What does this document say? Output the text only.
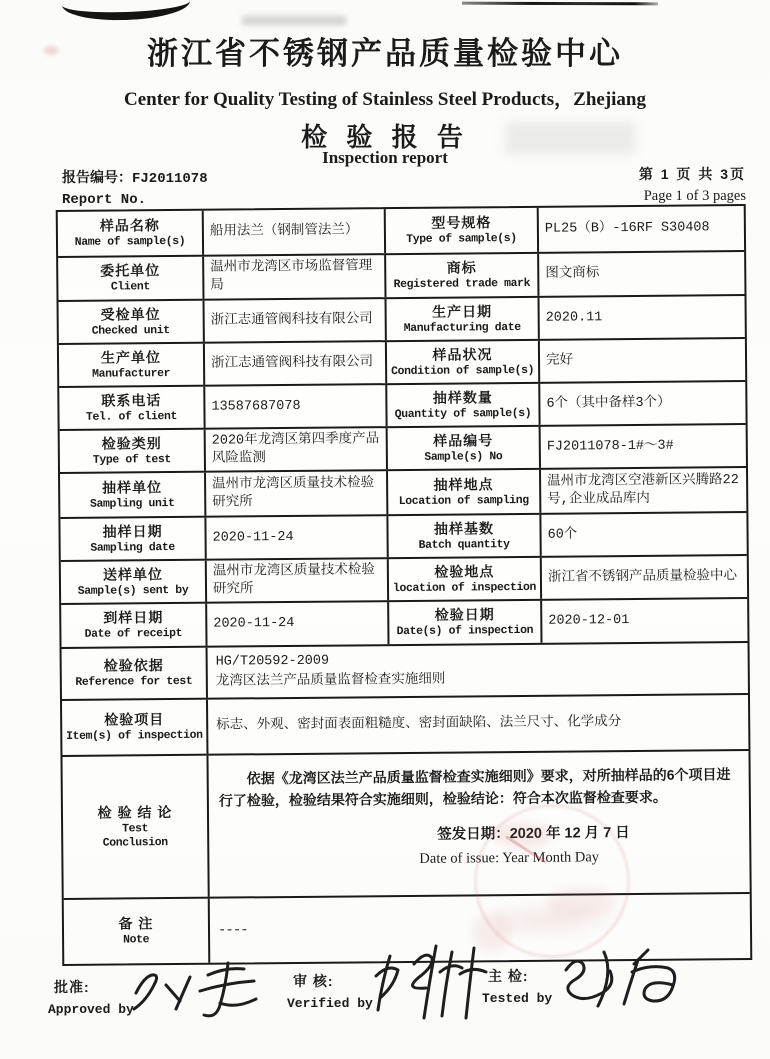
浙江省不锈钢产品质量检验中心
Center for Quality Testing of Stainless Steel Products，Zhejiang
检 验 报 告
Inspection report
报告编号：FJ2011078
Report No.
第 1 页 共 3页
Page 1 of 3 pages
样品名称
Name of sample(s)
船用法兰（钢制管法兰）
型号规格
Type of sample(s)
PL25（B）-16RF S30408
委托单位
Client
温州市龙湾区市场监督管理局
商标
Registered trade mark
图文商标
受检单位
Checked unit
浙江志通管阀科技有限公司
生产日期
Manufacturing date
2020.11
生产单位
Manufacturer
浙江志通管阀科技有限公司
样品状况
Condition of sample(s)
完好
联系电话
Tel. of client
13587687078
抽样数量
Quantity of sample(s)
6个（其中备样3个）
检验类别
Type of test
2020年龙湾区第四季度产品风险监测
样品编号
Sample(s) No
FJ2011078-1#～3#
抽样单位
Sampling unit
温州市龙湾区质量技术检验研究所
抽样地点
Location of sampling
温州市龙湾区空港新区兴腾路22号,企业成品库内
抽样日期
Sampling date
2020-11-24
抽样基数
Batch quantity
60个
送样单位
Sample(s) sent by
温州市龙湾区质量技术检验研究所
检验地点
location of inspection
浙江省不锈钢产品质量检验中心
到样日期
Date of receipt
2020-11-24
检验日期
Date(s) of inspection
2020-12-01
检验依据
Reference for test
HG/T20592-2009
龙湾区法兰产品质量监督检查实施细则
检验项目
Item(s) of inspection
标志、外观、密封面表面粗糙度、密封面缺陷、法兰尺寸、化学成分
检 验 结 论
Test
Conclusion
依据《龙湾区法兰产品质量监督检查实施细则》要求，对所抽样品的6个项目进行了检验，检验结果符合实施细则，检验结论：符合本次监督检查要求。
签发日期：2020 年 12 月 7 日
Date of issue: Year Month Day
备 注
Note
----
批准:
Approved by
审 核:
Verified by
主 检:
Tested by
